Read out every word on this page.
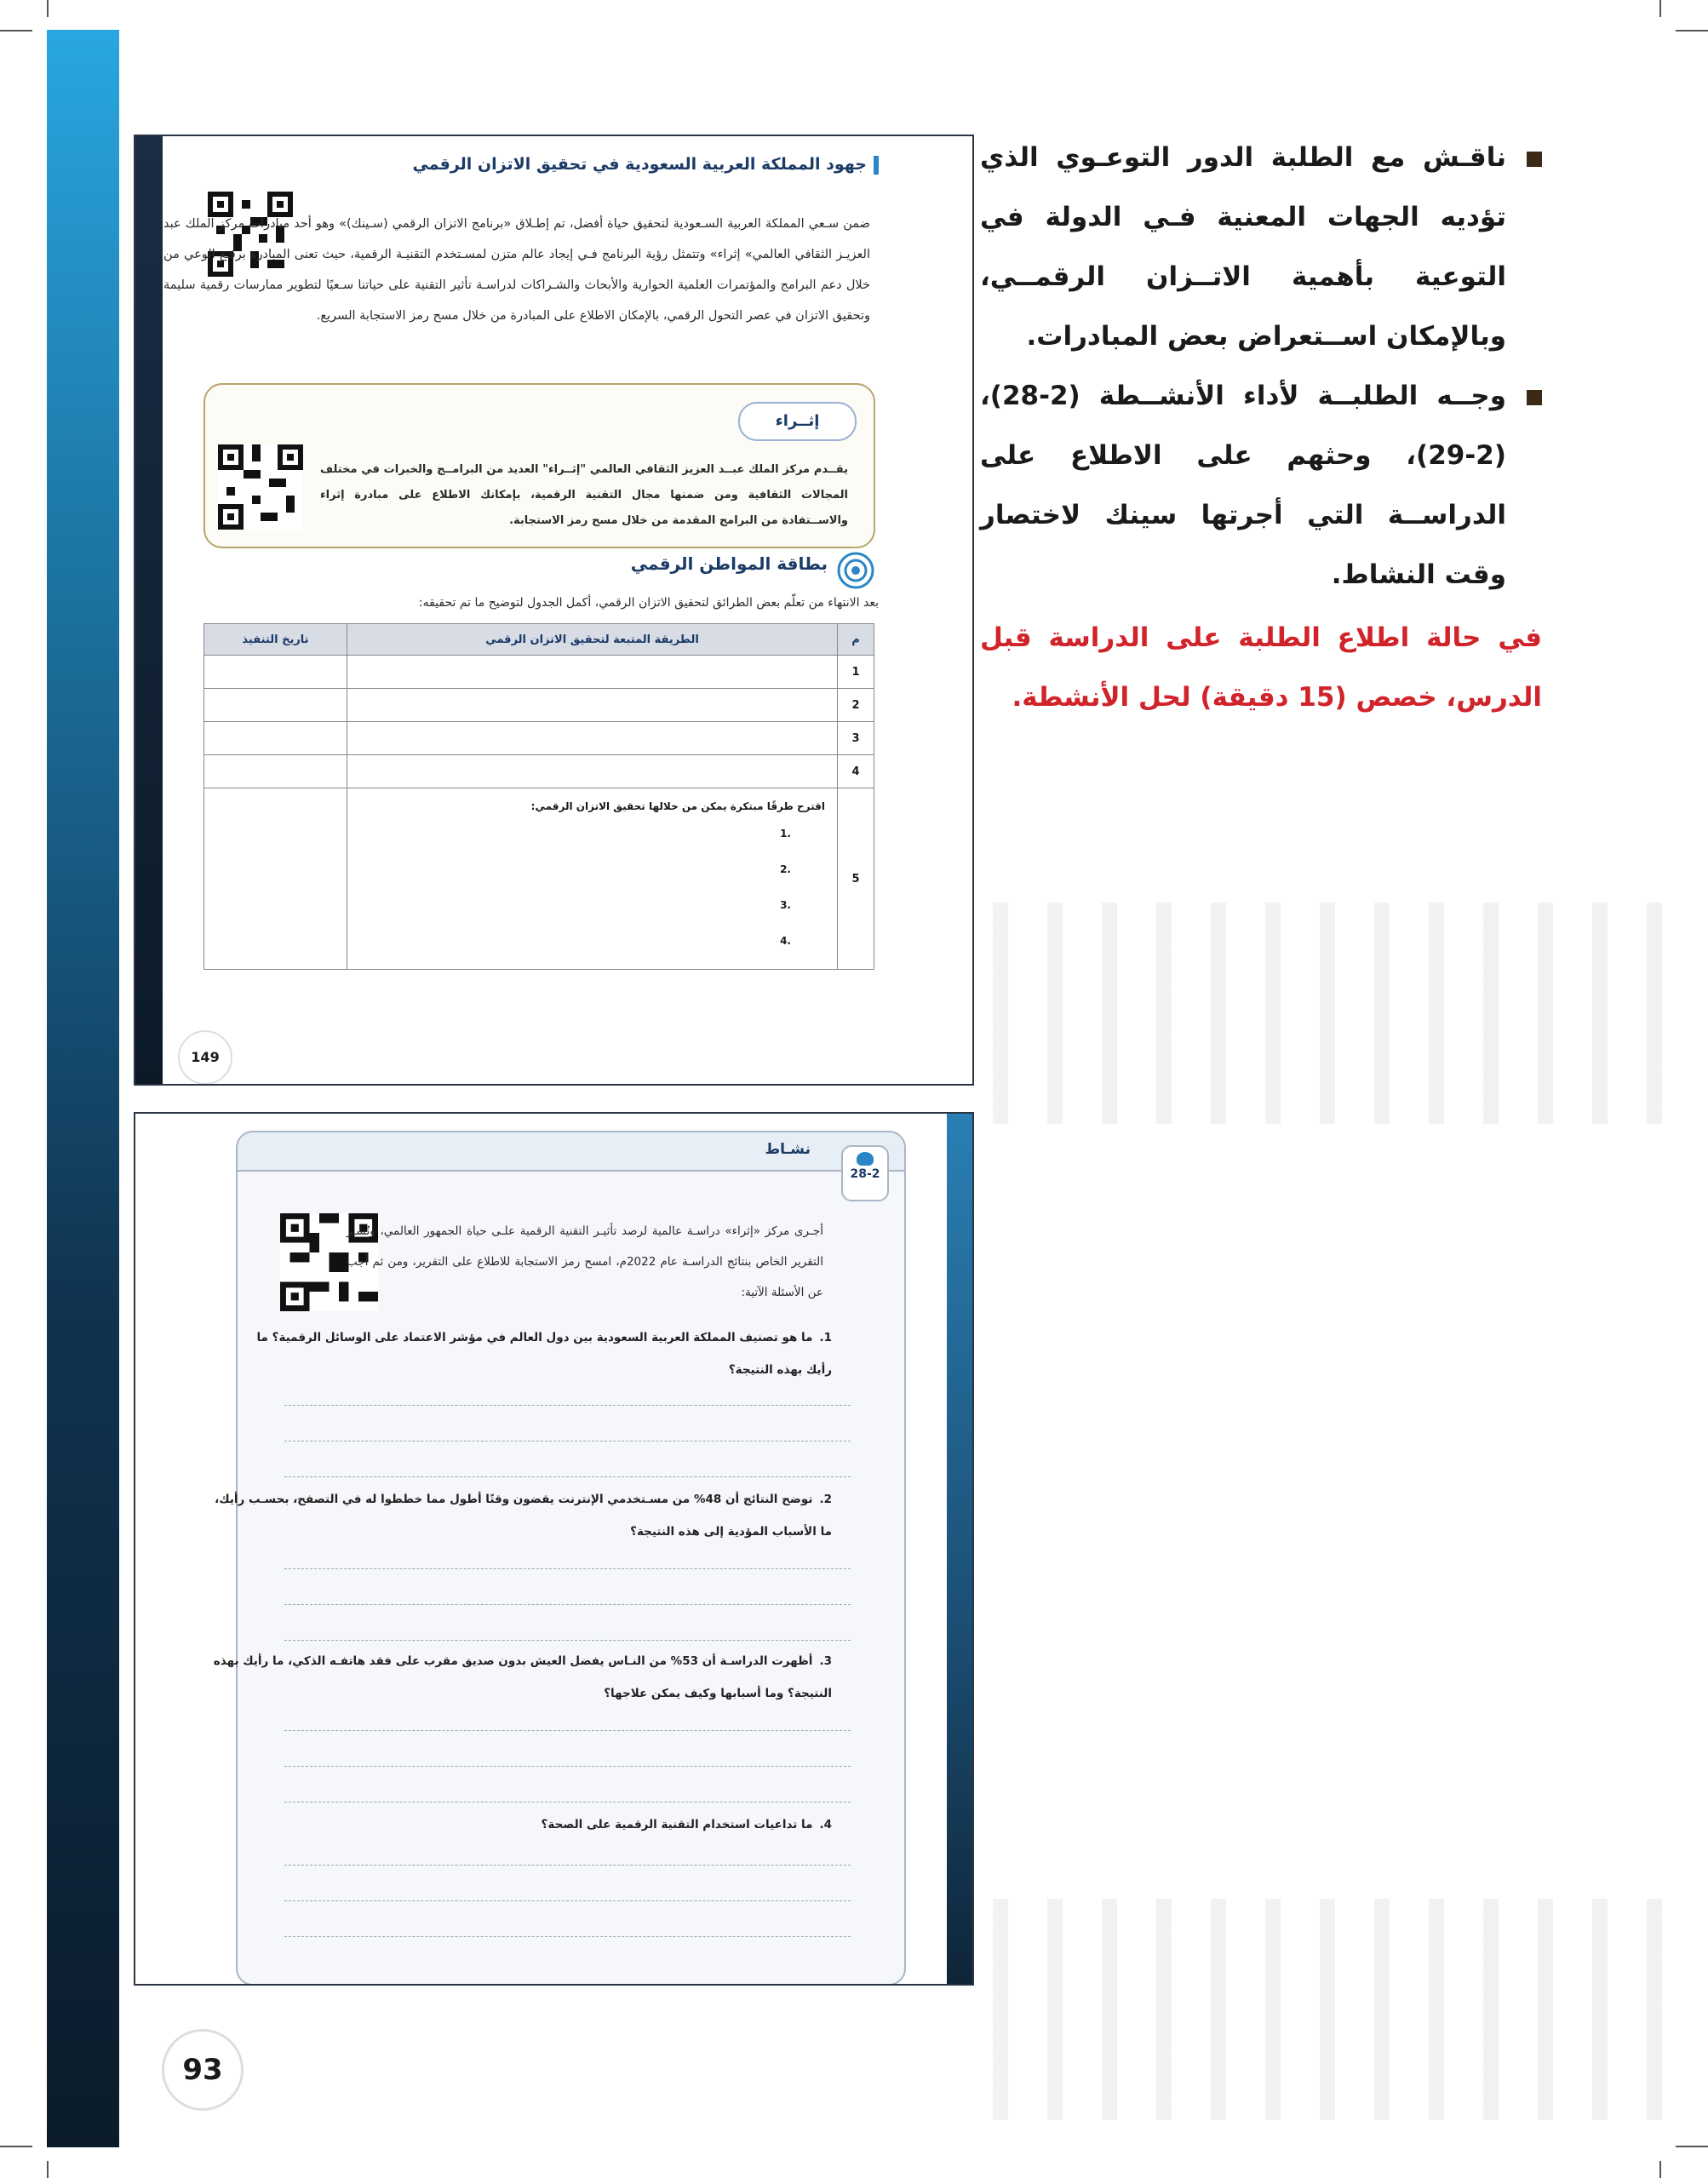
ناقـش مع الطلبة الدور التوعـوي الذي تؤديه الجهات المعنية فـي الدولة في التوعية بأهمية الاتــزان الرقمــي، وبالإمكان اســتعراض بعض المبادرات.

وجــه الطلبــة لأداء الأنشــطة (2-28)، (2-29)، وحثهم على الاطلاع على الدراســة التي أجرتها سينك لاختصار وقت النشاط.

في حالة اطلاع الطلبة على الدراسة قبل الدرس، خصص (15 دقيقة) لحل الأنشطة.

جهود المملكة العربية السعودية في تحقيق الاتزان الرقمي
ضمن سـعي المملكة العربية السـعودية لتحقيق حياة أفضل، تم إطـلاق «برنامج الاتزان الرقمي (سـينك)» وهو أحد مبادرات مركز الملك عبد العزيـز الثقافي العالمي» إثراء» وتتمثل رؤية البرنامج فـي إيجاد عالم متزن لمسـتخدم التقنيـة الرقمية، حيث تعنى المبادرة برفـع الوعي من خلال دعم البرامج والمؤتمرات العلمية الحوارية والأبحاث والشـراكات لدراسـة تأثير التقنية على حياتنا سـعيًا لتطوير ممارسات رقمية سليمة وتحقيق الاتزان في عصر التحول الرقمي، بالإمكان الاطلاع على المبادرة من خلال مسح رمز الاستجابة السريع.
إثــراء
يقــدم مركز الملك عبــد العزيز الثقافي العالمي "إثــراء" العديد من البرامــج والخبرات في مختلف المجالات الثقافية ومن ضمنها مجال التقنية الرقمية، بإمكانك الاطلاع على مبادرة إثراء والاســتفادة من البرامج المقدمة من خلال مسح رمز الاستجابة.
بطاقة المواطن الرقمي
بعد الانتهاء من تعلّم بعض الطرائق لتحقيق الاتزان الرقمي، أكمل الجدول لتوضيح ما تم تحقيقه:
م	الطريقة المتبعة لتحقيق الاتزان الرقمي	تاريخ التنفيذ
1		
2		
3		
4		
5	اقترح طرقًا مبتكرة يمكن من خلالها تحقيق الاتزان الرقمي:
1.
2.
3.
4.	

149
نشـاط
28-2
أجـرى مركز «إثراء» دراسـة عالمية لرصد تأثيـر التقنية الرقمية علـى حياة الجمهور العالمي، ونُشـر التقرير الخاص بنتائج الدراسـة عام 2022م، امسح رمز الاستجابة للاطلاع على التقرير، ومن ثم أجب عن الأسئلة الآتية:
1.ما هو تصنيف المملكة العربية السعودية بين دول العالم في مؤشر الاعتماد على الوسائل الرقمية؟ ما رأيك بهذه النتيجة؟
2.توضح النتائج أن 48% من مسـتخدمي الإنترنت يقضون وقتًا أطول مما خططوا له في التصفح، بحسـب رأيك، ما الأسباب المؤدية إلى هذه النتيجة؟
3.أظهرت الدراسـة أن 53% من النـاس يفضل العيش بدون صديق مقرب على فقد هاتفـه الذكي، ما رأيك بهذه النتيجة؟ وما أسبابها وكيف يمكن علاجها؟
4.ما تداعيات استخدام التقنية الرقمية على الصحة؟
93
